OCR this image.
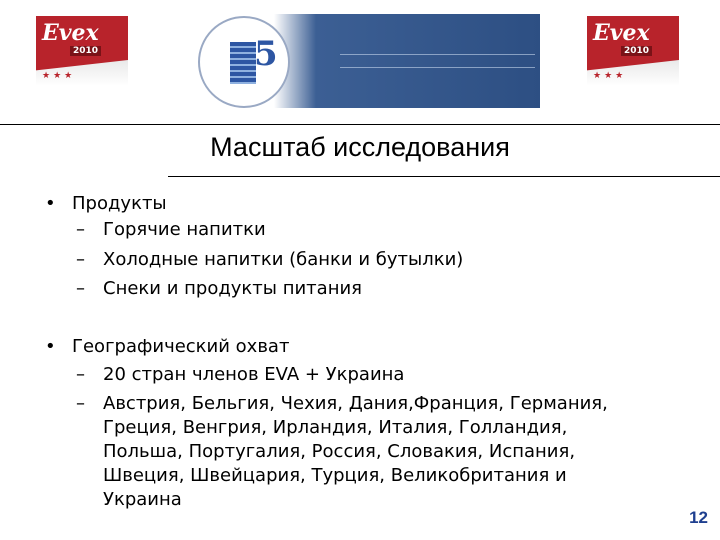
Evex
2010
★★★
5
Evex
2010
★★★
Масштаб исследования
• Продукты
– Горячие напитки
– Холодные напитки (банки и бутылки)
– Снеки и продукты питания
• Географический охват
– 20 стран членов EVA + Украина
– Австрия, Бельгия, Чехия, Дания,Франция, Германия,
Греция, Венгрия, Ирландия, Италия, Голландия,
Польша, Португалия, Россия, Словакия, Испания,
Швеция, Швейцария, Турция, Великобритания и
Украина
12
